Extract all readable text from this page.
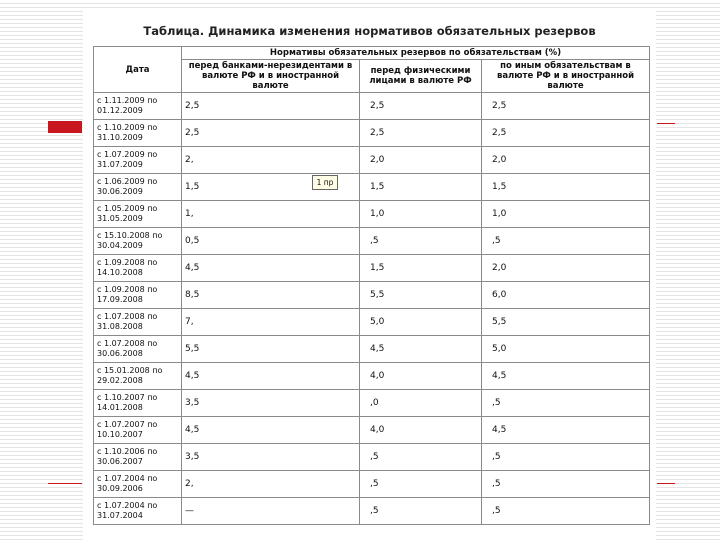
Таблица. Динамика изменения нормативов обязательных резервов
Дата	Нормативы обязательных резервов по обязательствам (%)		
	перед банками-нерезидентами в валюте РФ и в иностранной валюте	перед физическими лицами в валюте РФ	по иным обязательствам в валюте РФ и в иностранной валюте
с 1.11.2009 по 01.12.2009	2,5	2,5	2,5
с 1.10.2009 по 31.10.2009	2,5	2,5	2,5
с 1.07.2009 по 31.07.2009	2,	2,0	2,0
с 1.06.2009 по 30.06.2009	1,5	1,5	1,5
с 1.05.2009 по 31.05.2009	1,	1,0	1,0
с 15.10.2008 по 30.04.2009	0,5	,5	,5
с 1.09.2008 по 14.10.2008	4,5	1,5	2,0
с 1.09.2008 по 17.09.2008	8,5	5,5	6,0
с 1.07.2008 по 31.08.2008	7,	5,0	5,5
с 1.07.2008 по 30.06.2008	5,5	4,5	5,0
с 15.01.2008 по 29.02.2008	4,5	4,0	4,5
с 1.10.2007 по 14.01.2008	3,5	,0	,5
с 1.07.2007 по 10.10.2007	4,5	4,0	4,5
с 1.10.2006 по 30.06.2007	3,5	,5	,5
с 1.07.2004 по 30.09.2006	2,	,5	,5
с 1.07.2004 по 31.07.2004	—	,5	,5
1 пр
